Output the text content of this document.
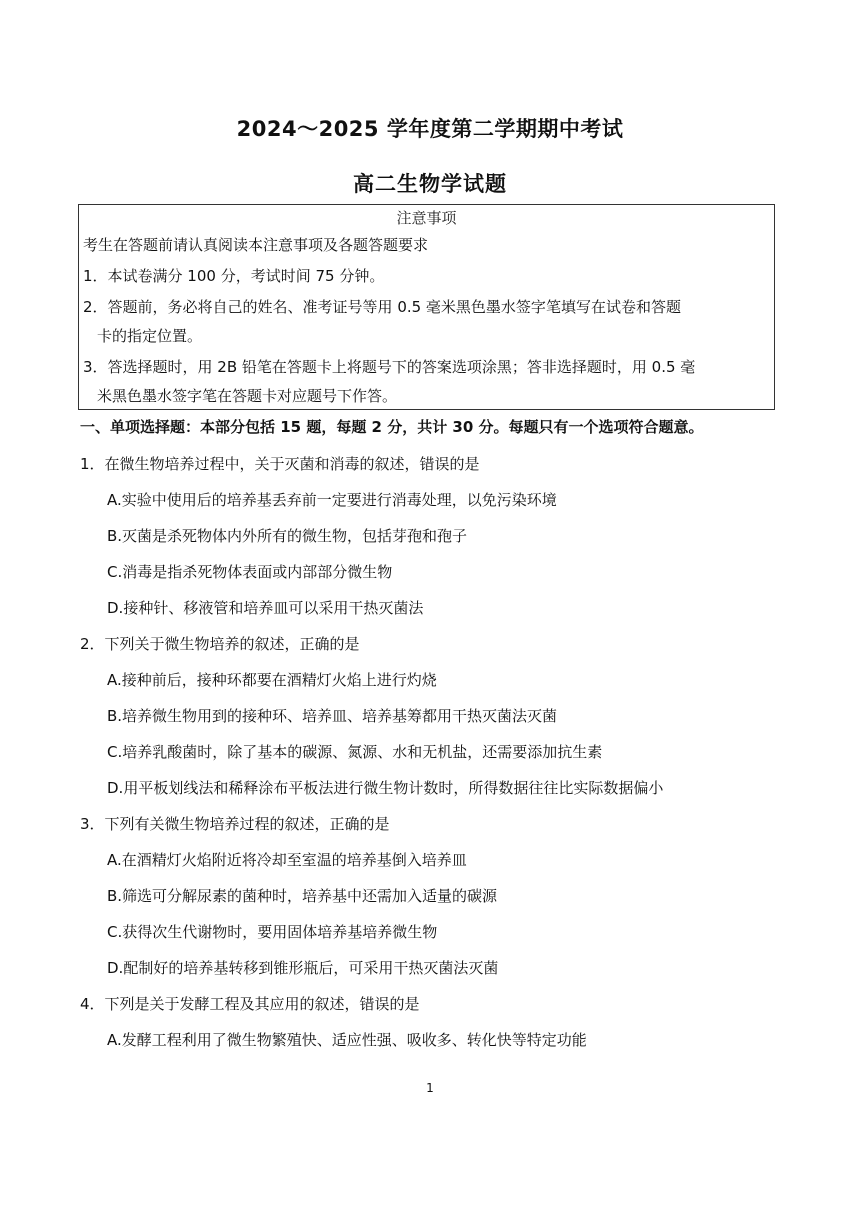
2024～2025 学年度第二学期期中考试
高二生物学试题
注意事项
考生在答题前请认真阅读本注意事项及各题答题要求
1．本试卷满分 100 分，考试时间 75 分钟。
2．答题前，务必将自己的姓名、准考证号等用 0.5 毫米黑色墨水签字笔填写在试卷和答题
卡的指定位置。
3．答选择题时，用 2B 铅笔在答题卡上将题号下的答案选项涂黑；答非选择题时，用 0.5 毫
米黑色墨水签字笔在答题卡对应题号下作答。
一、单项选择题：本部分包括 15 题，每题 2 分，共计 30 分。每题只有一个选项符合题意。
1．在微生物培养过程中，关于灭菌和消毒的叙述，错误的是
A.实验中使用后的培养基丢弃前一定要进行消毒处理，以免污染环境
B.灭菌是杀死物体内外所有的微生物，包括芽孢和孢子
C.消毒是指杀死物体表面或内部部分微生物
D.接种针、移液管和培养皿可以采用干热灭菌法
2．下列关于微生物培养的叙述，正确的是
A.接种前后，接种环都要在酒精灯火焰上进行灼烧
B.培养微生物用到的接种环、培养皿、培养基筹都用干热灭菌法灭菌
C.培养乳酸菌时，除了基本的碳源、氮源、水和无机盐，还需要添加抗生素
D.用平板划线法和稀释涂布平板法进行微生物计数时，所得数据往往比实际数据偏小
3．下列有关微生物培养过程的叙述，正确的是
A.在酒精灯火焰附近将冷却至室温的培养基倒入培养皿
B.筛选可分解尿素的菌种时，培养基中还需加入适量的碳源
C.获得次生代谢物时，要用固体培养基培养微生物
D.配制好的培养基转移到锥形瓶后，可采用干热灭菌法灭菌
4．下列是关于发酵工程及其应用的叙述，错误的是
A.发酵工程利用了微生物繁殖快、适应性强、吸收多、转化快等特定功能
1
